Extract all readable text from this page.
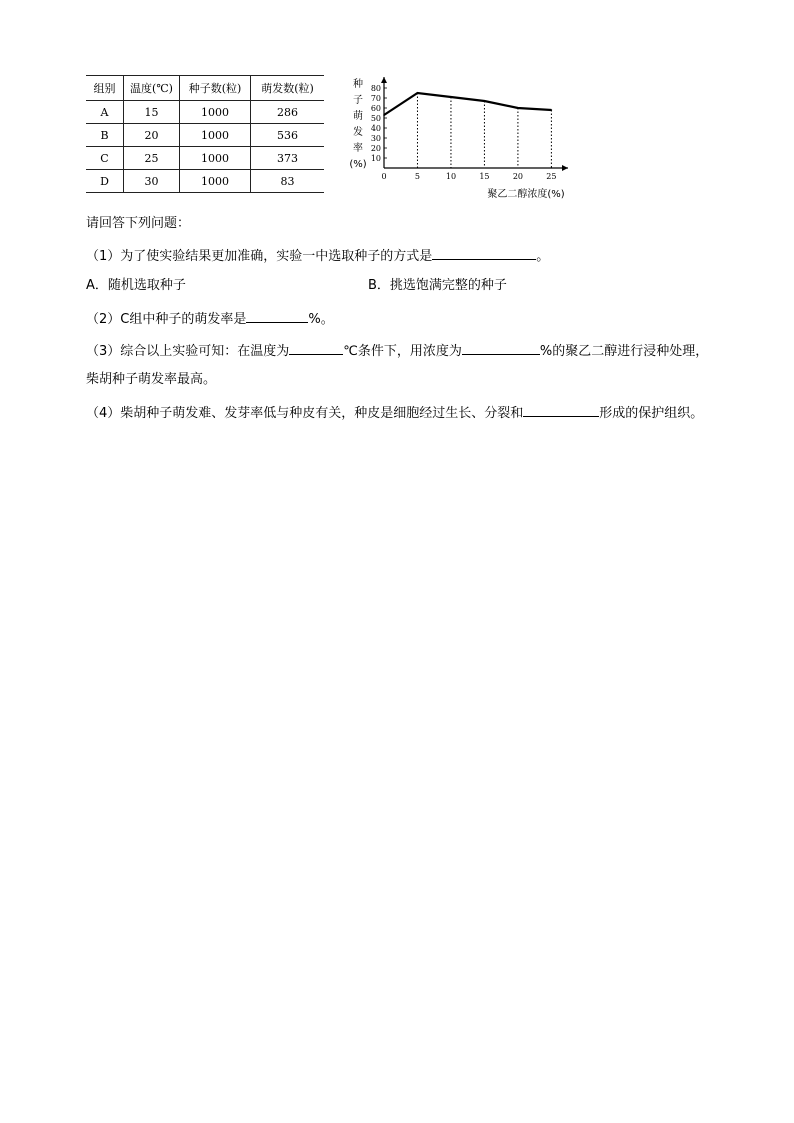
组别	温度(℃)	种子数(粒)	萌发数(粒)
A	15	1000	286
B	20	1000	536
C	25	1000	373
D	30	1000	83
10
20
30
40
50
60
70
80
0	5	10	15	20	25
种子萌发率(%)
聚乙二醇浓度(%)
请回答下列问题：
（1）为了使实验结果更加准确，实验一中选取种子的方式是	。
A．随机选取种子	B．挑选饱满完整的种子
（2）C组中种子的萌发率是	%。
（3）综合以上实验可知：在温度为	℃条件下，用浓度为	%的聚乙二醇进行浸种处理，
柴胡种子萌发率最高。
（4）柴胡种子萌发难、发芽率低与种皮有关，种皮是细胞经过生长、分裂和	形成的保护组织。
